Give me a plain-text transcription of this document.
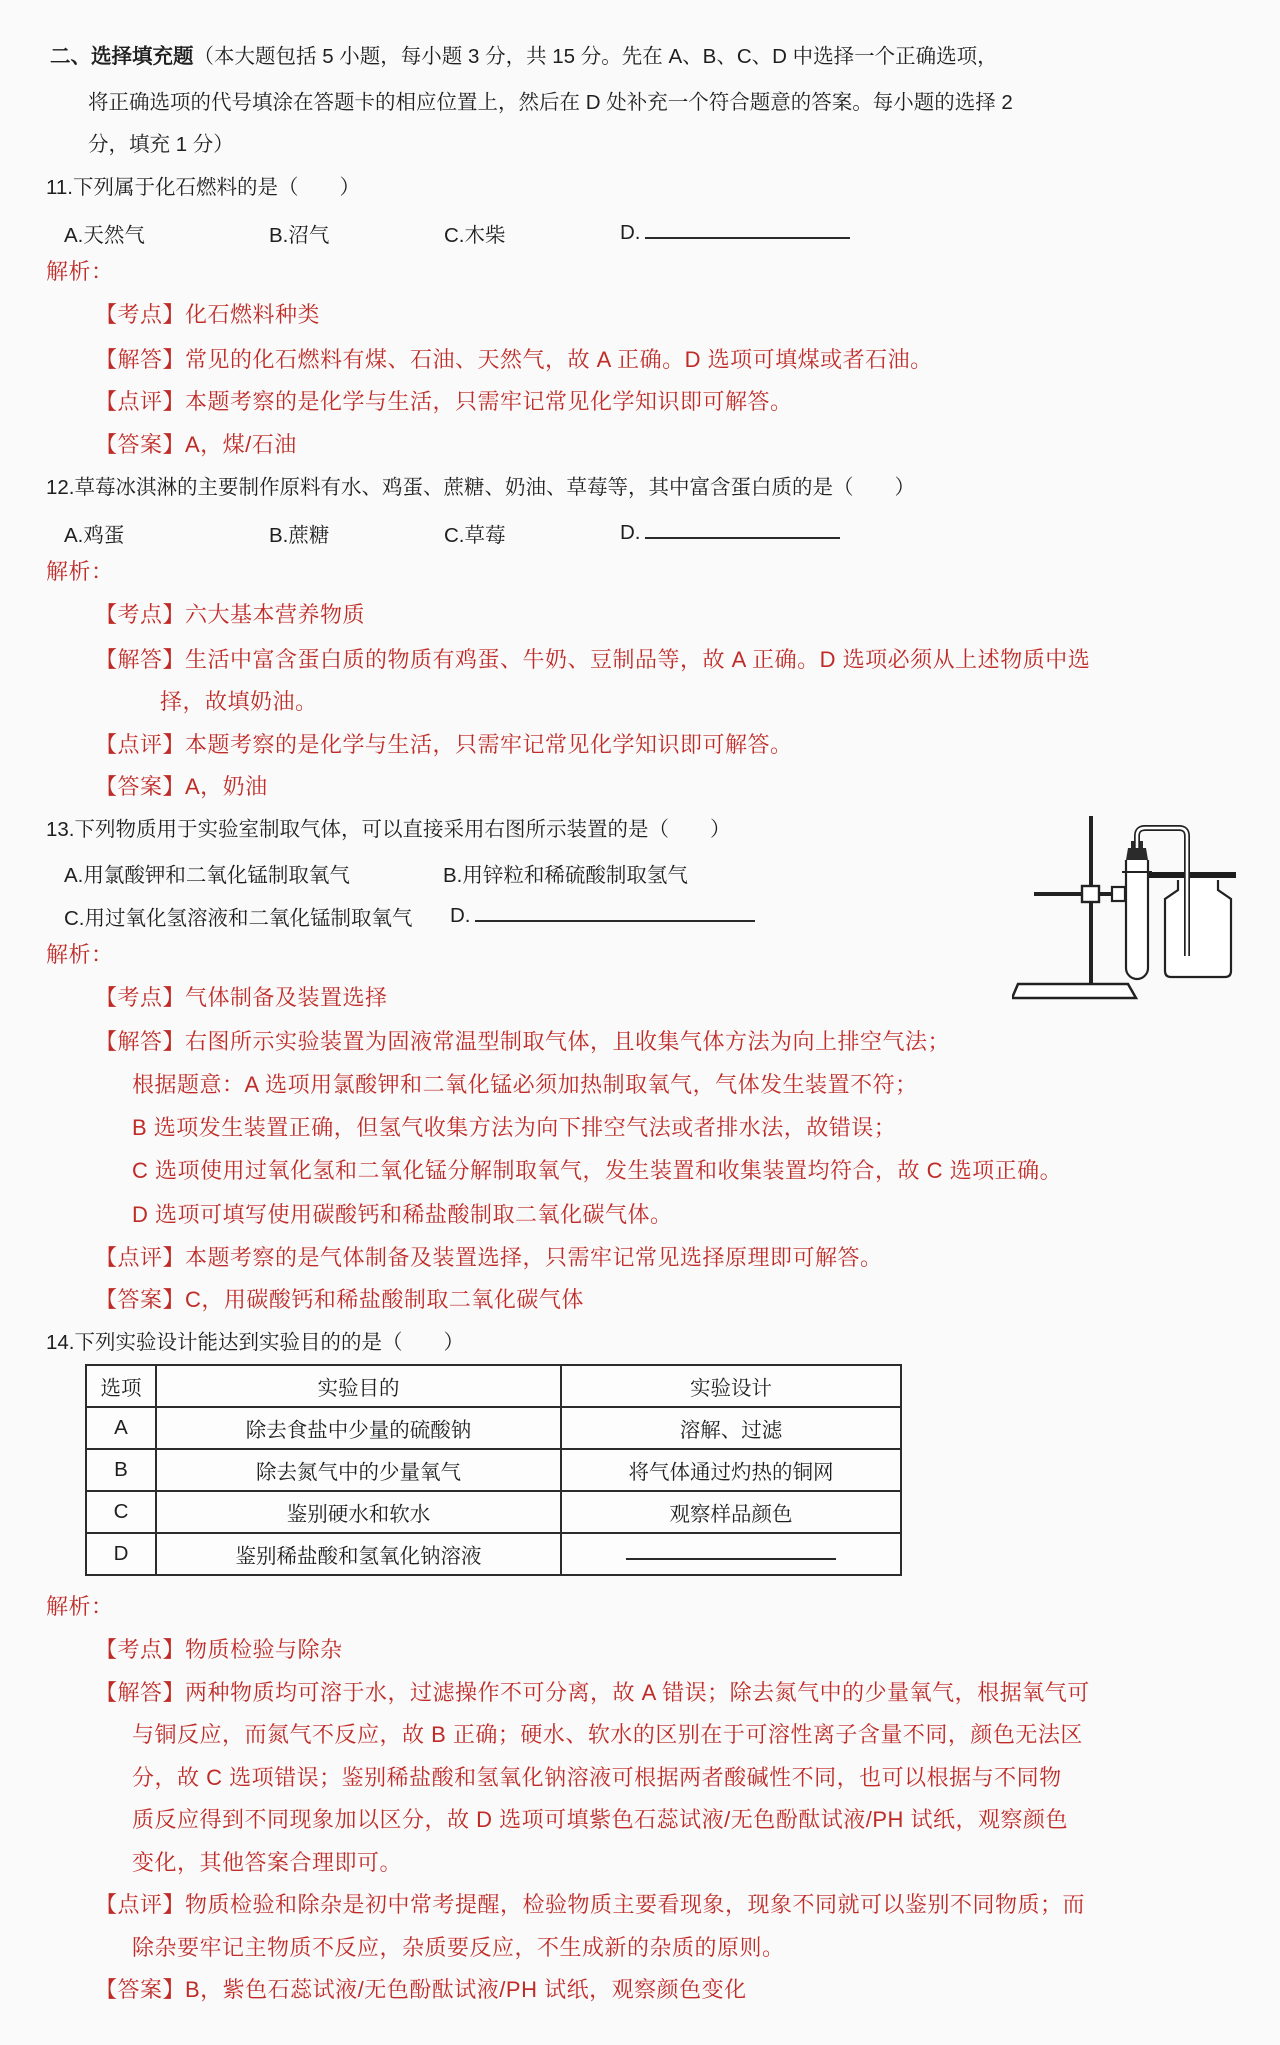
二、选择填充题（本大题包括 5 小题，每小题 3 分，共 15 分。先在 A、B、C、D 中选择一个正确选项，
将正确选项的代号填涂在答题卡的相应位置上，然后在 D 处补充一个符合题意的答案。每小题的选择 2
分，填充 1 分）
11.下列属于化石燃料的是（　　）
A.天然气	B.沼气	C.木柴	D.
解析：
【考点】化石燃料种类
【解答】常见的化石燃料有煤、石油、天然气，故 A 正确。D 选项可填煤或者石油。
【点评】本题考察的是化学与生活，只需牢记常见化学知识即可解答。
【答案】A，煤/石油
12.草莓冰淇淋的主要制作原料有水、鸡蛋、蔗糖、奶油、草莓等，其中富含蛋白质的是（　　）
A.鸡蛋	B.蔗糖	C.草莓	D.
解析：
【考点】六大基本营养物质
【解答】生活中富含蛋白质的物质有鸡蛋、牛奶、豆制品等，故 A 正确。D 选项必须从上述物质中选
择，故填奶油。
【点评】本题考察的是化学与生活，只需牢记常见化学知识即可解答。
【答案】A，奶油
13.下列物质用于实验室制取气体，可以直接采用右图所示装置的是（　　）
A.用氯酸钾和二氧化锰制取氧气	B.用锌粒和稀硫酸制取氢气
C.用过氧化氢溶液和二氧化锰制取氧气 D.
解析：
【考点】气体制备及装置选择
【解答】右图所示实验装置为固液常温型制取气体，且收集气体方法为向上排空气法；
根据题意：A 选项用氯酸钾和二氧化锰必须加热制取氧气，气体发生装置不符；
B 选项发生装置正确，但氢气收集方法为向下排空气法或者排水法，故错误；
C 选项使用过氧化氢和二氧化锰分解制取氧气，发生装置和收集装置均符合，故 C 选项正确。
D 选项可填写使用碳酸钙和稀盐酸制取二氧化碳气体。
【点评】本题考察的是气体制备及装置选择，只需牢记常见选择原理即可解答。
【答案】C，用碳酸钙和稀盐酸制取二氧化碳气体
14.下列实验设计能达到实验目的的是（　　）
选项	实验目的	实验设计
A	除去食盐中少量的硫酸钠	溶解、过滤
B	除去氮气中的少量氧气	将气体通过灼热的铜网
C	鉴别硬水和软水	观察样品颜色
D	鉴别稀盐酸和氢氧化钠溶液	
解析：
【考点】物质检验与除杂
【解答】两种物质均可溶于水，过滤操作不可分离，故 A 错误；除去氮气中的少量氧气，根据氧气可
与铜反应，而氮气不反应，故 B 正确；硬水、软水的区别在于可溶性离子含量不同，颜色无法区
分，故 C 选项错误；鉴别稀盐酸和氢氧化钠溶液可根据两者酸碱性不同，也可以根据与不同物
质反应得到不同现象加以区分，故 D 选项可填紫色石蕊试液/无色酚酞试液/PH 试纸，观察颜色
变化，其他答案合理即可。
【点评】物质检验和除杂是初中常考提醒，检验物质主要看现象，现象不同就可以鉴别不同物质；而
除杂要牢记主物质不反应，杂质要反应，不生成新的杂质的原则。
【答案】B，紫色石蕊试液/无色酚酞试液/PH 试纸，观察颜色变化
